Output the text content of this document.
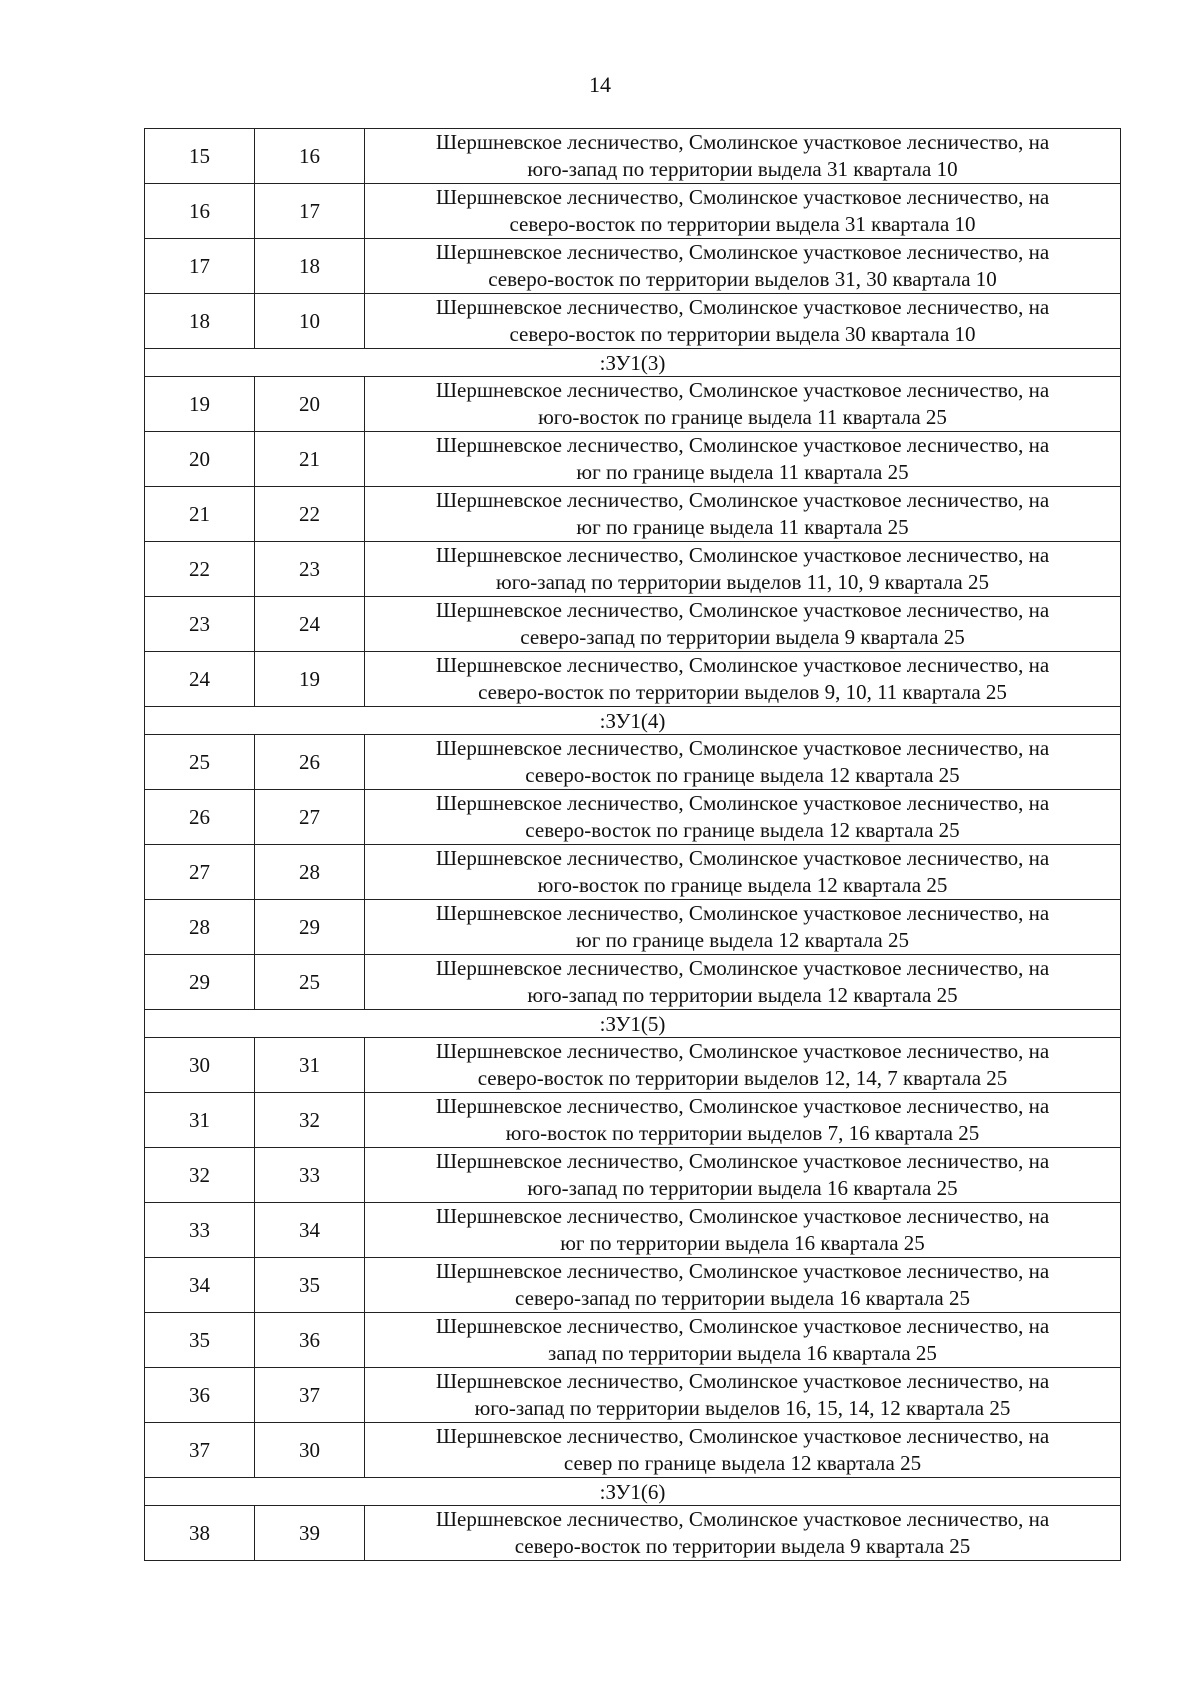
14
15	16	Шершневское лесничество, Смолинское участковое лесничество, на
юго-запад по территории выдела 31 квартала 10

16	17	Шершневское лесничество, Смолинское участковое лесничество, на
северо-восток по территории выдела 31 квартала 10

17	18	Шершневское лесничество, Смолинское участковое лесничество, на
северо-восток по территории выделов 31, 30 квартала 10

18	10	Шершневское лесничество, Смолинское участковое лесничество, на
северо-восток по территории выдела 30 квартала 10

:ЗУ1(3)		
19	20	Шершневское лесничество, Смолинское участковое лесничество, на
юго-восток по границе выдела 11 квартала 25

20	21	Шершневское лесничество, Смолинское участковое лесничество, на
юг по границе выдела 11 квартала 25

21	22	Шершневское лесничество, Смолинское участковое лесничество, на
юг по границе выдела 11 квартала 25

22	23	Шершневское лесничество, Смолинское участковое лесничество, на
юго-запад по территории выделов 11, 10, 9 квартала 25

23	24	Шершневское лесничество, Смолинское участковое лесничество, на
северо-запад по территории выдела 9 квартала 25

24	19	Шершневское лесничество, Смолинское участковое лесничество, на
северо-восток по территории выделов 9, 10, 11 квартала 25

:ЗУ1(4)		
25	26	Шершневское лесничество, Смолинское участковое лесничество, на
северо-восток по границе выдела 12 квартала 25

26	27	Шершневское лесничество, Смолинское участковое лесничество, на
северо-восток по границе выдела 12 квартала 25

27	28	Шершневское лесничество, Смолинское участковое лесничество, на
юго-восток по границе выдела 12 квартала 25

28	29	Шершневское лесничество, Смолинское участковое лесничество, на
юг по границе выдела 12 квартала 25

29	25	Шершневское лесничество, Смолинское участковое лесничество, на
юго-запад по территории выдела 12 квартала 25

:ЗУ1(5)		
30	31	Шершневское лесничество, Смолинское участковое лесничество, на
северо-восток по территории выделов 12, 14, 7 квартала 25

31	32	Шершневское лесничество, Смолинское участковое лесничество, на
юго-восток по территории выделов 7, 16 квартала 25

32	33	Шершневское лесничество, Смолинское участковое лесничество, на
юго-запад по территории выдела 16 квартала 25

33	34	Шершневское лесничество, Смолинское участковое лесничество, на
юг по территории выдела 16 квартала 25

34	35	Шершневское лесничество, Смолинское участковое лесничество, на
северо-запад по территории выдела 16 квартала 25

35	36	Шершневское лесничество, Смолинское участковое лесничество, на
запад по территории выдела 16 квартала 25

36	37	Шершневское лесничество, Смолинское участковое лесничество, на
юго-запад по территории выделов 16, 15, 14, 12 квартала 25

37	30	Шершневское лесничество, Смолинское участковое лесничество, на
север по границе выдела 12 квартала 25

:ЗУ1(6)		
38	39	Шершневское лесничество, Смолинское участковое лесничество, на
северо-восток по территории выдела 9 квартала 25
